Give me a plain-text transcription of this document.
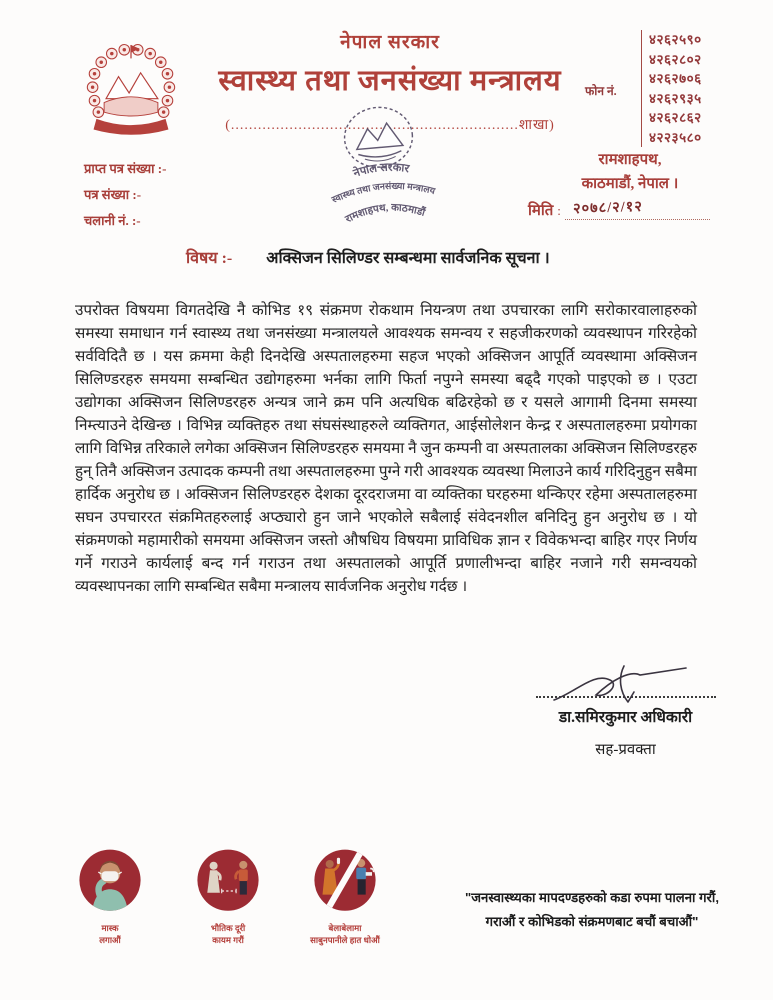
नेपाल सरकार
स्वास्थ्य तथा जनसंख्या मन्त्रालय
(................................................................शाखा)
फोन नं.
४२६२५९०
४२६२८०२
४२६२७०६
४२६२९३५
४२६२८६२
४२२३५८०
प्राप्त पत्र संख्या :-
पत्र संख्या :-
चलानी नं. :-
नेपाल सरकार
स्वास्थ्य तथा जनसंख्या मन्त्रालय
रामशाहपथ, काठमाडौं
रामशाहपथ,
काठमाडौं, नेपाल ।
मिति : २०७८/२/१२
विषय :- अक्सिजन सिलिण्डर सम्बन्धमा सार्वजनिक सूचना ।
उपरोक्त विषयमा विगतदेखि नै कोभिड १९ संक्रमण रोकथाम नियन्त्रण तथा उपचारका लागि सरोकारवालाहरुको समस्या समाधान गर्न स्वास्थ्य तथा जनसंख्या मन्त्रालयले आवश्यक समन्वय र सहजीकरणको व्यवस्थापन गरिरहेको सर्वविदितै छ । यस क्रममा केही दिनदेखि अस्पतालहरुमा सहज भएको अक्सिजन आपूर्ति व्यवस्थामा अक्सिजन सिलिण्डरहरु समयमा सम्बन्धित उद्योगहरुमा भर्नका लागि फिर्ता नपुग्ने समस्या बढ्दै गएको पाइएको छ । एउटा उद्योगका अक्सिजन सिलिण्डरहरु अन्यत्र जाने क्रम पनि अत्यधिक बढिरहेको छ र यसले आगामी दिनमा समस्या निम्त्याउने देखिन्छ । विभिन्न व्यक्तिहरु तथा संघसंस्थाहरुले व्यक्तिगत, आईसोलेशन केन्द्र र अस्पतालहरुमा प्रयोगका लागि विभिन्न तरिकाले लगेका अक्सिजन सिलिण्डरहरु समयमा नै जुन कम्पनी वा अस्पतालका अक्सिजन सिलिण्डरहरु हुन् तिनै अक्सिजन उत्पादक कम्पनी तथा अस्पतालहरुमा पुग्ने गरी आवश्यक व्यवस्था मिलाउने कार्य गरिदिनुहुन सबैमा हार्दिक अनुरोध छ । अक्सिजन सिलिण्डरहरु देशका दूरदराजमा वा व्यक्तिका घरहरुमा थन्किएर रहेमा अस्पतालहरुमा सघन उपचाररत संक्रमितहरुलाई अप्ठ्यारो हुन जाने भएकोले सबैलाई संवेदनशील बनिदिनु हुन अनुरोध छ । यो संक्रमणको महामारीको समयमा अक्सिजन जस्तो औषधिय विषयमा प्राविधिक ज्ञान र विवेकभन्दा बाहिर गएर निर्णय गर्ने गराउने कार्यलाई बन्द गर्न गराउन तथा अस्पतालको आपूर्ति प्रणालीभन्दा बाहिर नजाने गरी समन्वयको व्यवस्थापनका लागि सम्बन्धित सबैमा मन्त्रालय सार्वजनिक अनुरोध गर्दछ ।
डा.समिरकुमार अधिकारी
सह-प्रवक्ता
मास्क
लगाऔं
भौतिक दूरी
कायम गरौं
बेलाबेलामा
साबुनपानीले हात धोऔं
"जनस्वास्थ्यका मापदण्डहरुको कडा रुपमा पालना गरौं,
गराऔं र कोभिडको संक्रमणबाट बचौं बचाऔं"
